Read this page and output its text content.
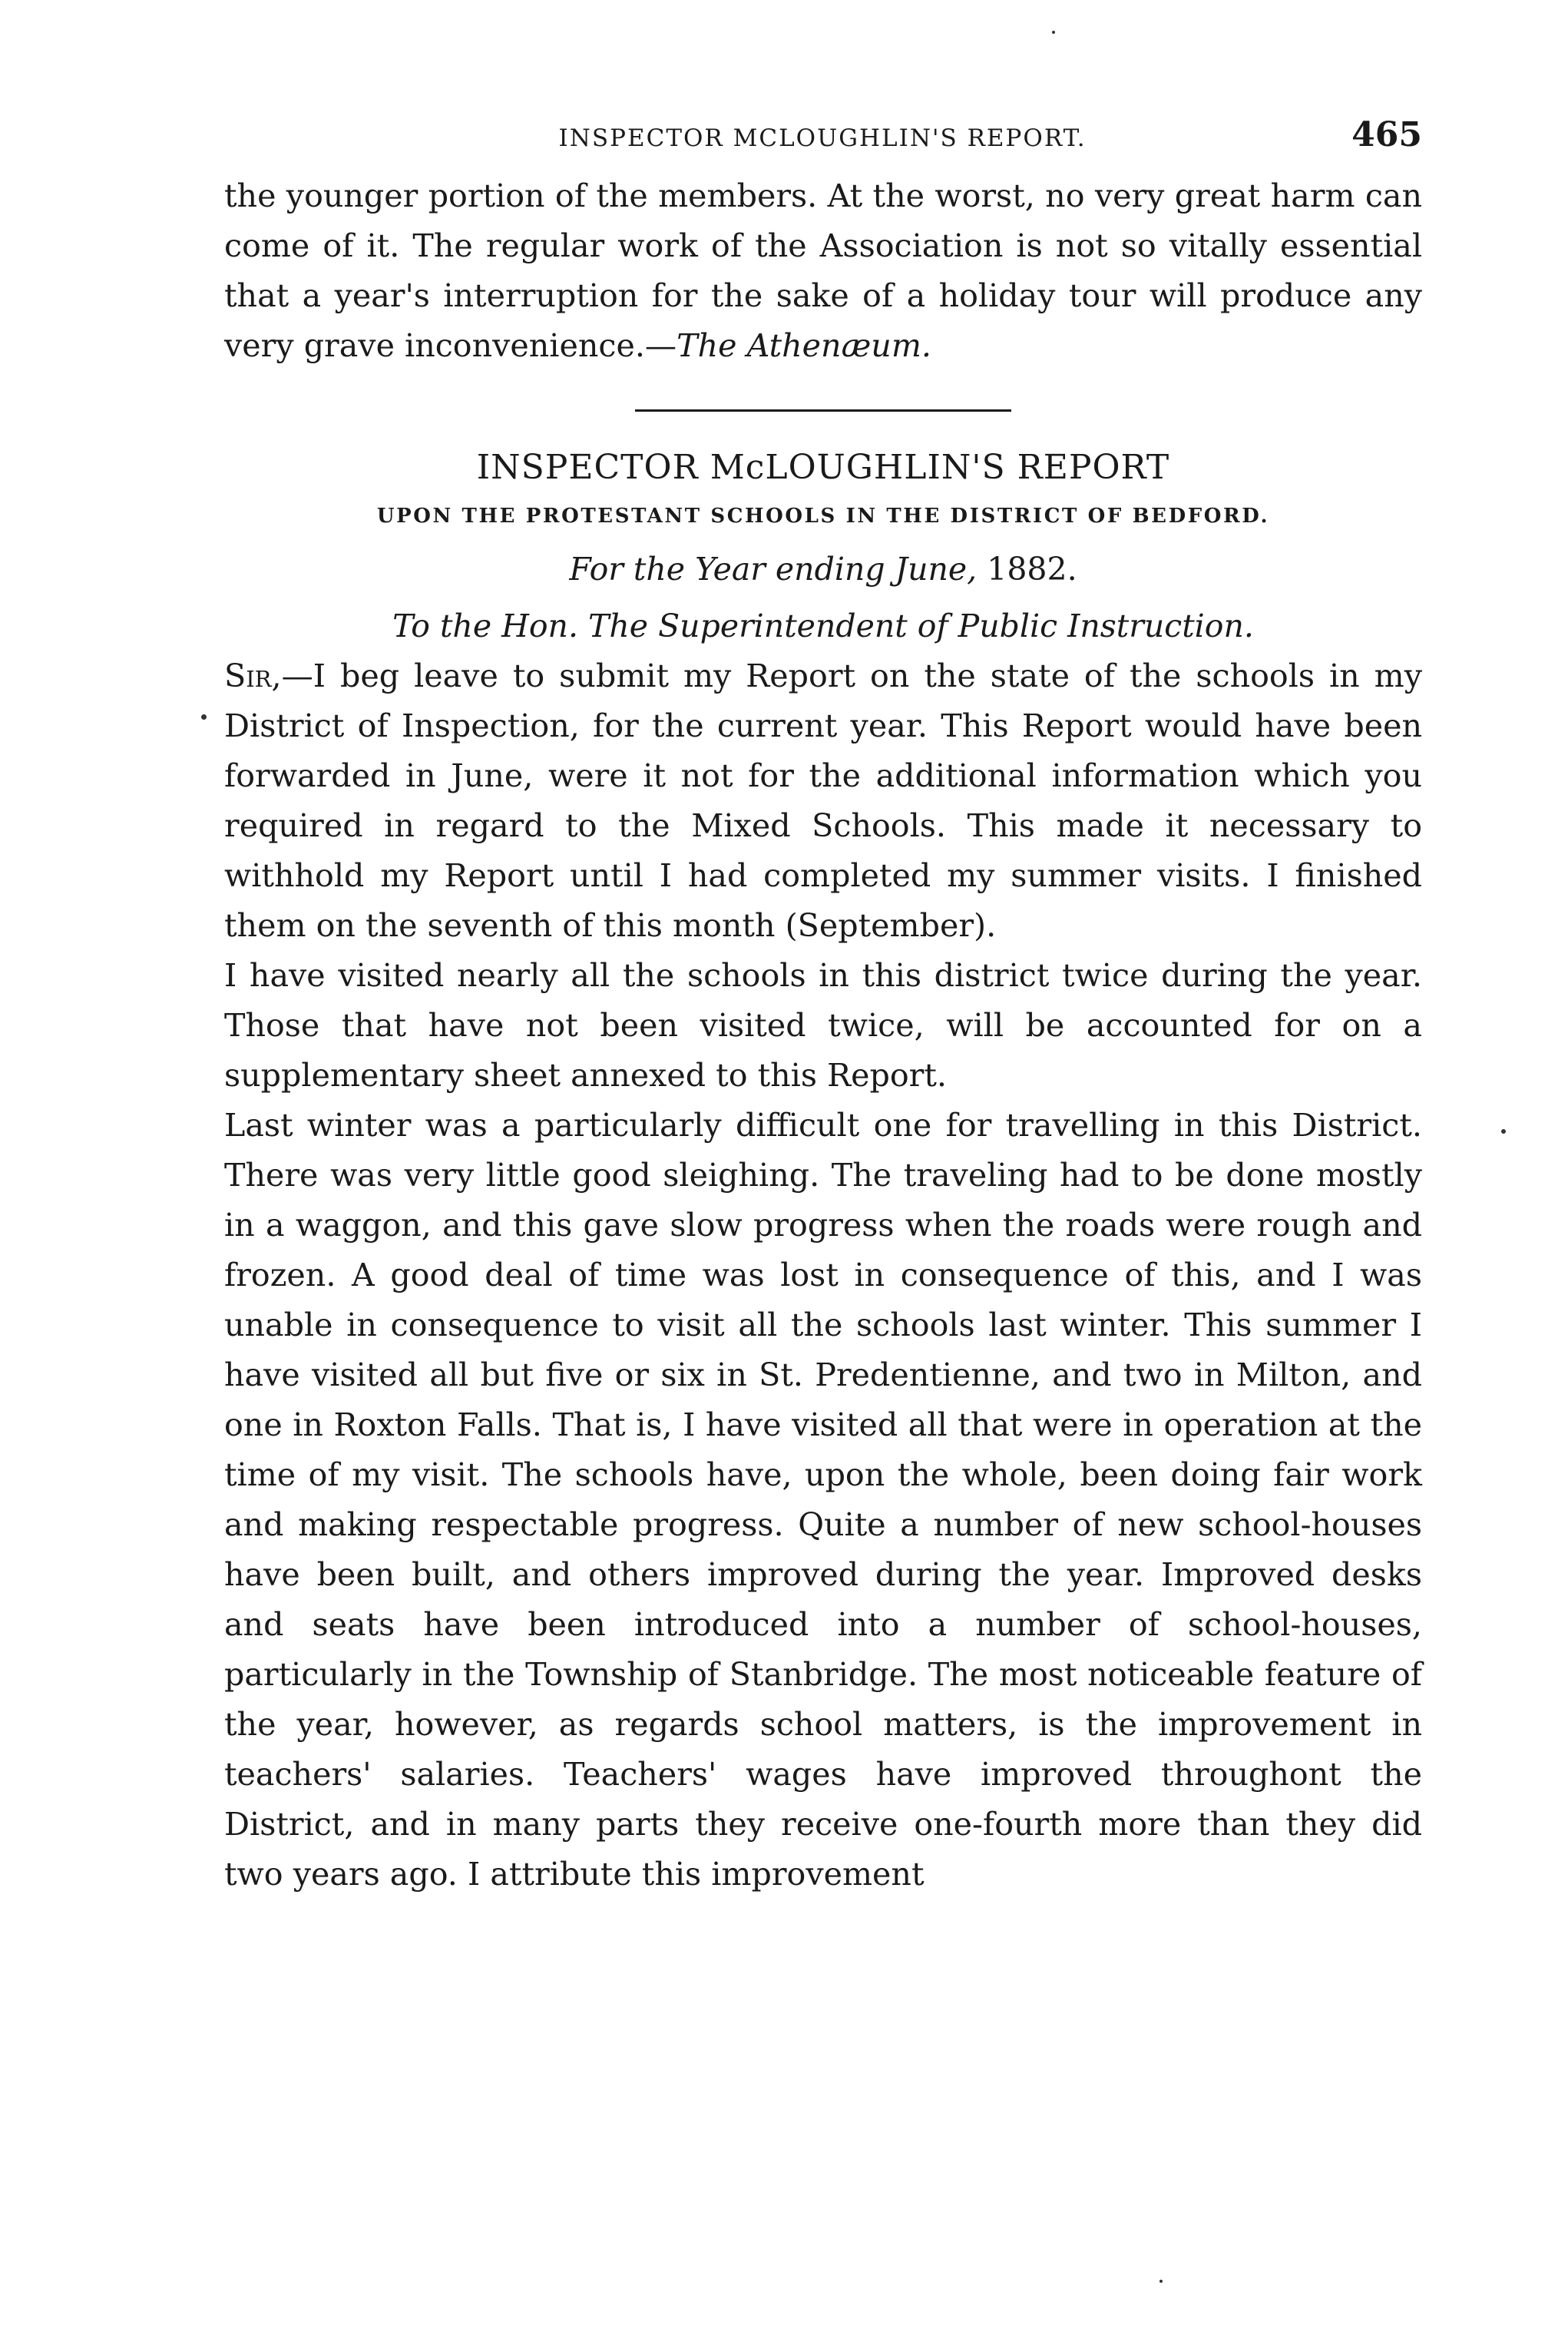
INSPECTOR MCLOUGHLIN'S REPORT.	465

the younger portion of the members. At the worst, no very great harm can come of it. The regular work of the Association is not so vitally essential that a year's interruption for the sake of a holiday tour will produce any very grave inconvenience.—The Athenæum.

INSPECTOR McLOUGHLIN'S REPORT
UPON THE PROTESTANT SCHOOLS IN THE DISTRICT OF BEDFORD.
For the Year ending June, 1882.
To the Hon. The Superintendent of Public Instruction.

Sir,—I beg leave to submit my Report on the state of the schools in my District of Inspection, for the current year. This Report would have been forwarded in June, were it not for the additional information which you required in regard to the Mixed Schools. This made it necessary to withhold my Report until I had completed my summer visits. I finished them on the seventh of this month (September).

I have visited nearly all the schools in this district twice during the year. Those that have not been visited twice, will be accounted for on a supplementary sheet annexed to this Report.

Last winter was a particularly difficult one for travelling in this District. There was very little good sleighing. The traveling had to be done mostly in a waggon, and this gave slow progress when the roads were rough and frozen. A good deal of time was lost in consequence of this, and I was unable in consequence to visit all the schools last winter. This summer I have visited all but five or six in St. Predentienne, and two in Milton, and one in Roxton Falls. That is, I have visited all that were in operation at the time of my visit. The schools have, upon the whole, been doing fair work and making respectable progress. Quite a number of new school-houses have been built, and others improved during the year. Improved desks and seats have been introduced into a number of school-houses, particularly in the Township of Stanbridge. The most noticeable feature of the year, however, as regards school matters, is the improvement in teachers' salaries. Teachers' wages have improved throughont the District, and in many parts they receive one-fourth more than they did two years ago. I attribute this improvement
